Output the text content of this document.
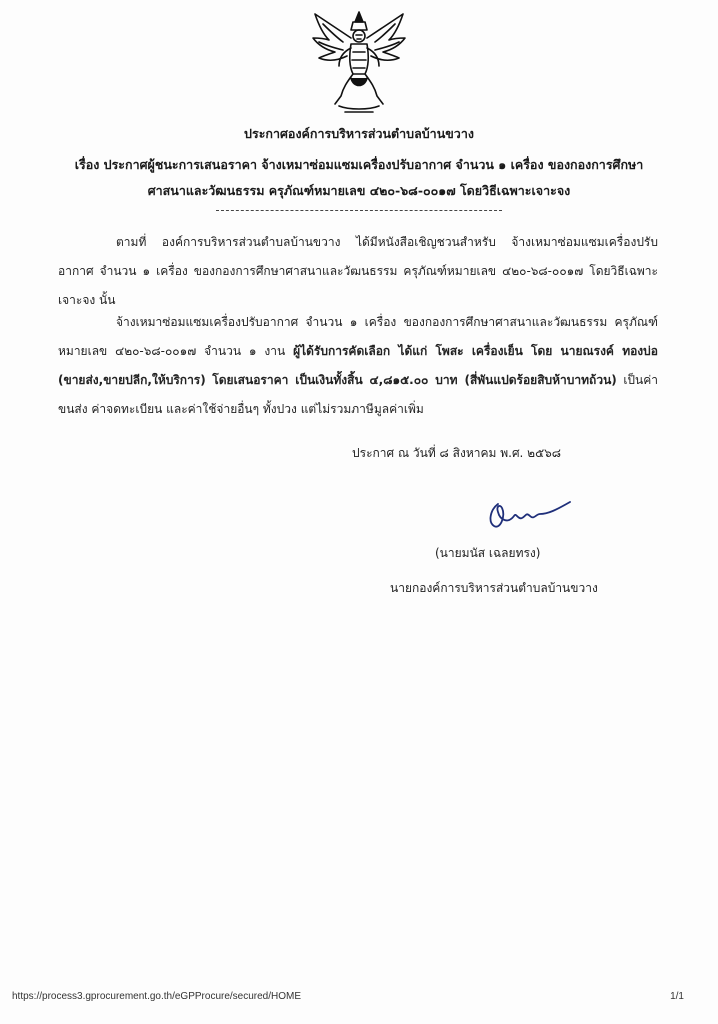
ประกาศองค์การบริหารส่วนตำบลบ้านขวาง
เรื่อง ประกาศผู้ชนะการเสนอราคา จ้างเหมาซ่อมแซมเครื่องปรับอากาศ จำนวน ๑ เครื่อง ของกองการศึกษา
ศาสนาและวัฒนธรรม ครุภัณฑ์หมายเลข ๔๒๐-๖๘-๐๐๑๗ โดยวิธีเฉพาะเจาะจง
ตามที่ องค์การบริหารส่วนตำบลบ้านขวาง ได้มีหนังสือเชิญชวนสำหรับ จ้างเหมาซ่อมแซมเครื่องปรับอากาศ จำนวน ๑ เครื่อง ของกองการศึกษาศาสนาและวัฒนธรรม ครุภัณฑ์หมายเลข ๔๒๐-๖๘-๐๐๑๗ โดยวิธีเฉพาะเจาะจง นั้น
จ้างเหมาซ่อมแซมเครื่องปรับอากาศ จำนวน ๑ เครื่อง ของกองการศึกษาศาสนาและวัฒนธรรม ครุภัณฑ์หมายเลข ๔๒๐-๖๘-๐๐๑๗ จำนวน ๑ งาน ผู้ได้รับการคัดเลือก ได้แก่ โพสะ เครื่องเย็น โดย นายณรงค์ ทองบ่อ (ขายส่ง,ขายปลีก,ให้บริการ) โดยเสนอราคา เป็นเงินทั้งสิ้น ๔,๘๑๕.๐๐ บาท (สี่พันแปดร้อยสิบห้าบาทถ้วน) เป็นค่าขนส่ง ค่าจดทะเบียน และค่าใช้จ่ายอื่นๆ ทั้งปวง แต่ไม่รวมภาษีมูลค่าเพิ่ม
ประกาศ ณ วันที่ ๘ สิงหาคม พ.ศ. ๒๕๖๘
(นายมนัส เฉลยทรง)
นายกองค์การบริหารส่วนตำบลบ้านขวาง
https://process3.gprocurement.go.th/eGPProcure/secured/HOME	1/1
